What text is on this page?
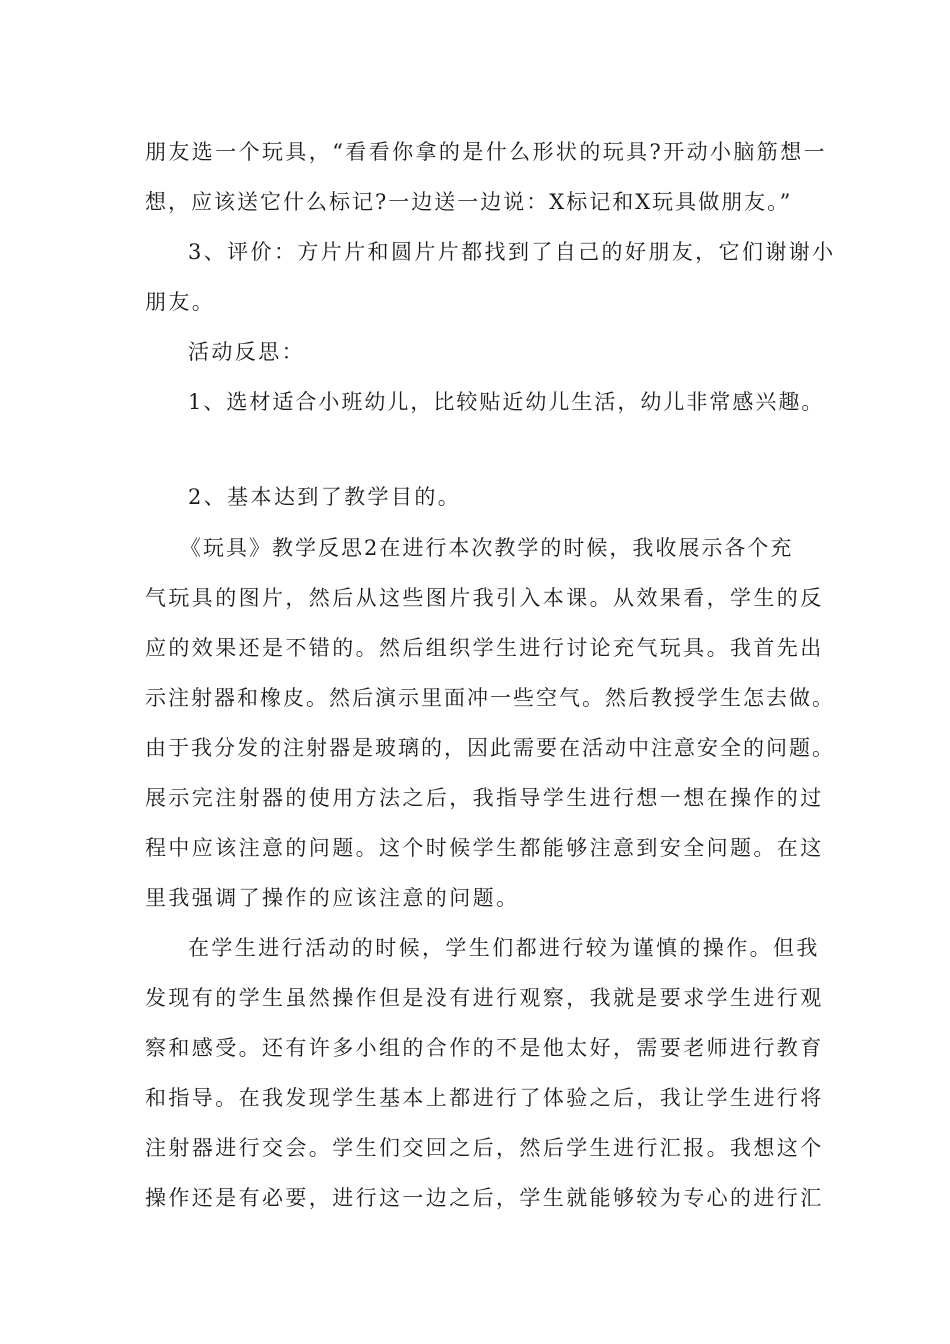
朋友选一个玩具，“看看你拿的是什么形状的玩具?开动小脑筋想一
想，应该送它什么标记?一边送一边说：X标记和X玩具做朋友。”
3、评价：方片片和圆片片都找到了自己的好朋友，它们谢谢小
朋友。
活动反思：
1、选材适合小班幼儿，比较贴近幼儿生活，幼儿非常感兴趣。
2、基本达到了教学目的。
《玩具》教学反思2在进行本次教学的时候，我收展示各个充
气玩具的图片，然后从这些图片我引入本课。从效果看，学生的反
应的效果还是不错的。然后组织学生进行讨论充气玩具。我首先出
示注射器和橡皮。然后演示里面冲一些空气。然后教授学生怎去做。
由于我分发的注射器是玻璃的，因此需要在活动中注意安全的问题。
展示完注射器的使用方法之后，我指导学生进行想一想在操作的过
程中应该注意的问题。这个时候学生都能够注意到安全问题。在这
里我强调了操作的应该注意的问题。
在学生进行活动的时候，学生们都进行较为谨慎的操作。但我
发现有的学生虽然操作但是没有进行观察，我就是要求学生进行观
察和感受。还有许多小组的合作的不是他太好，需要老师进行教育
和指导。在我发现学生基本上都进行了体验之后，我让学生进行将
注射器进行交会。学生们交回之后，然后学生进行汇报。我想这个
操作还是有必要，进行这一边之后，学生就能够较为专心的进行汇
